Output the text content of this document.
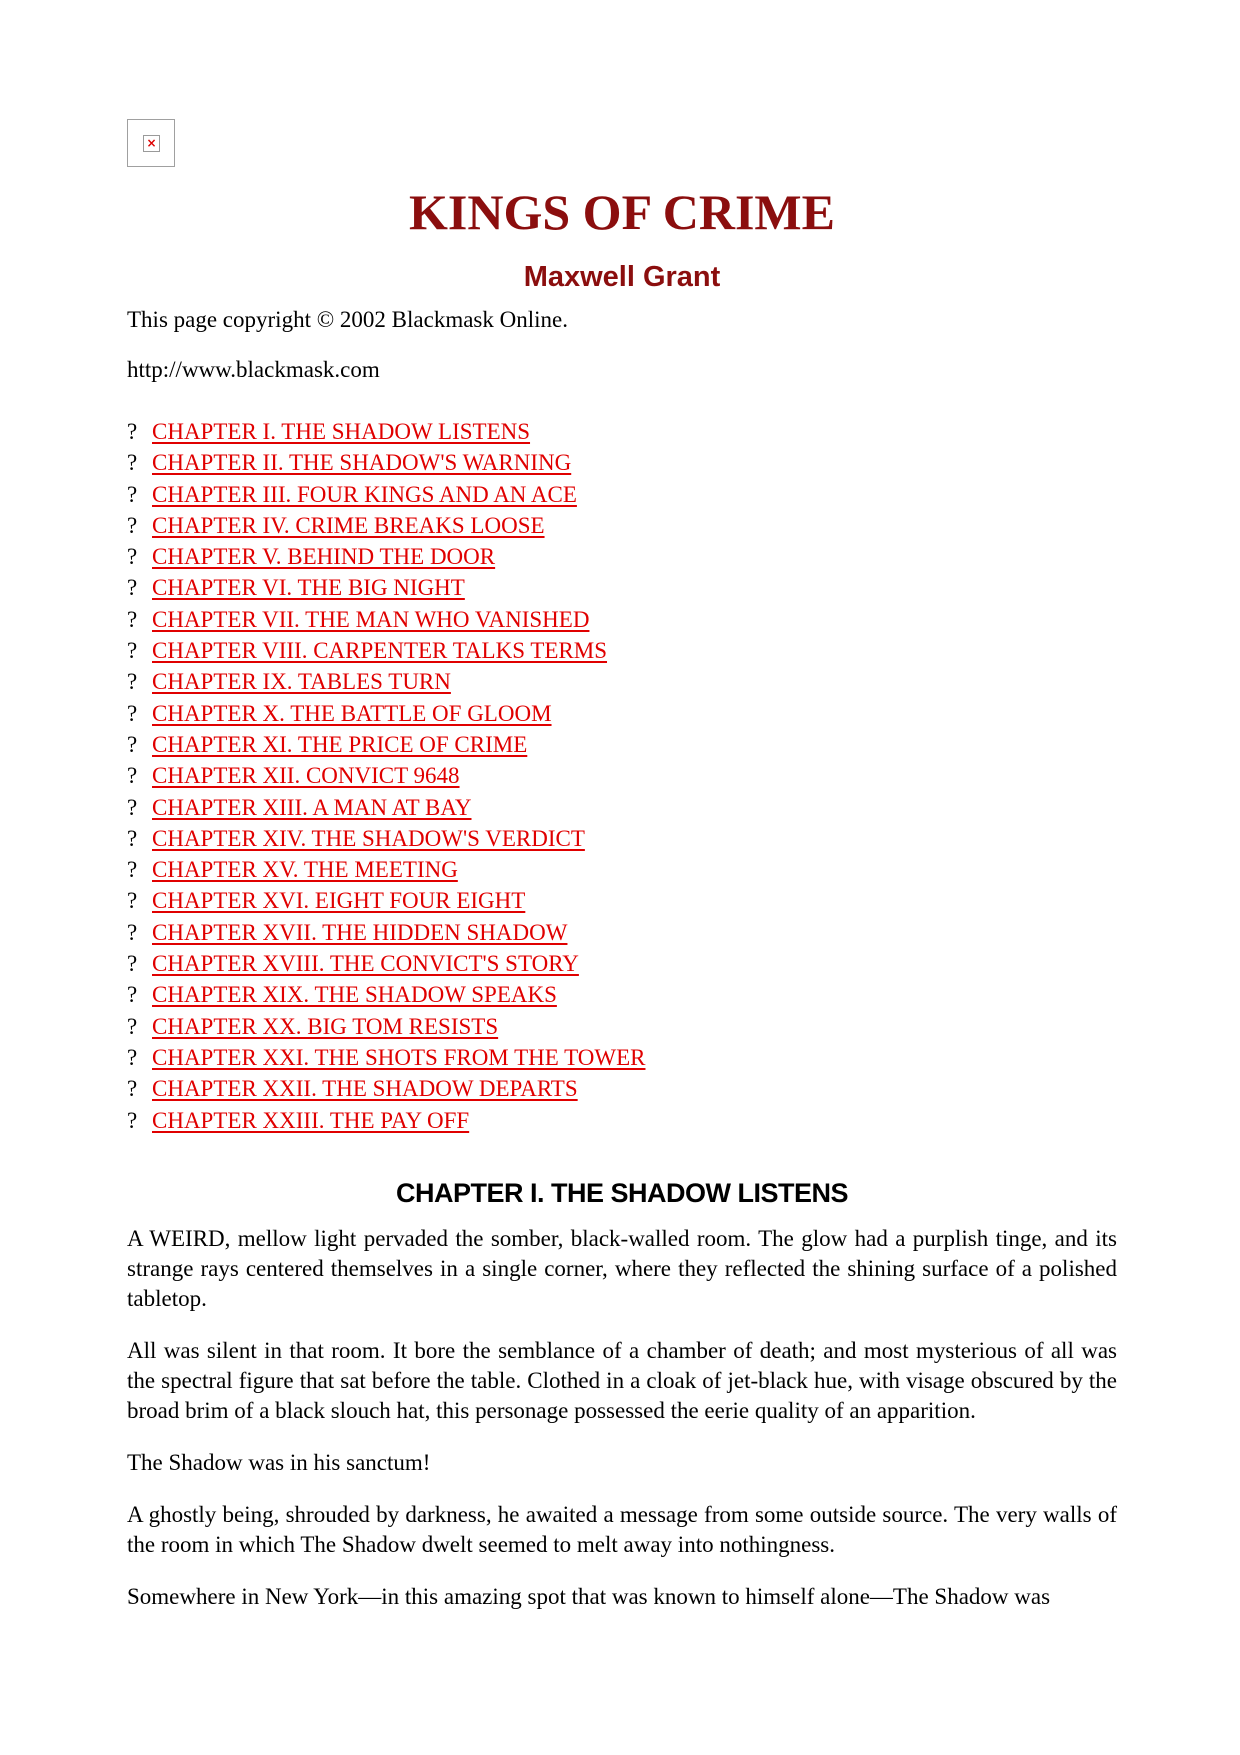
×
KINGS OF CRIME
Maxwell Grant

This page copyright © 2002 Blackmask Online.

http://www.blackmask.com

? CHAPTER I. THE SHADOW LISTENS
? CHAPTER II. THE SHADOW'S WARNING
? CHAPTER III. FOUR KINGS AND AN ACE
? CHAPTER IV. CRIME BREAKS LOOSE
? CHAPTER V. BEHIND THE DOOR
? CHAPTER VI. THE BIG NIGHT
? CHAPTER VII. THE MAN WHO VANISHED
? CHAPTER VIII. CARPENTER TALKS TERMS
? CHAPTER IX. TABLES TURN
? CHAPTER X. THE BATTLE OF GLOOM
? CHAPTER XI. THE PRICE OF CRIME
? CHAPTER XII. CONVICT 9648
? CHAPTER XIII. A MAN AT BAY
? CHAPTER XIV. THE SHADOW'S VERDICT
? CHAPTER XV. THE MEETING
? CHAPTER XVI. EIGHT FOUR EIGHT
? CHAPTER XVII. THE HIDDEN SHADOW
? CHAPTER XVIII. THE CONVICT'S STORY
? CHAPTER XIX. THE SHADOW SPEAKS
? CHAPTER XX. BIG TOM RESISTS
? CHAPTER XXI. THE SHOTS FROM THE TOWER
? CHAPTER XXII. THE SHADOW DEPARTS
? CHAPTER XXIII. THE PAY OFF
CHAPTER I. THE SHADOW LISTENS

A WEIRD, mellow light pervaded the somber, black-walled room. The glow had a purplish tinge, and its strange rays centered themselves in a single corner, where they reflected the shining surface of a polished tabletop.

All was silent in that room. It bore the semblance of a chamber of death; and most mysterious of all was the spectral figure that sat before the table. Clothed in a cloak of jet-black hue, with visage obscured by the broad brim of a black slouch hat, this personage possessed the eerie quality of an apparition.

The Shadow was in his sanctum!

A ghostly being, shrouded by darkness, he awaited a message from some outside source. The very walls of the room in which The Shadow dwelt seemed to melt away into nothingness.

Somewhere in New York—in this amazing spot that was known to himself alone—The Shadow was
